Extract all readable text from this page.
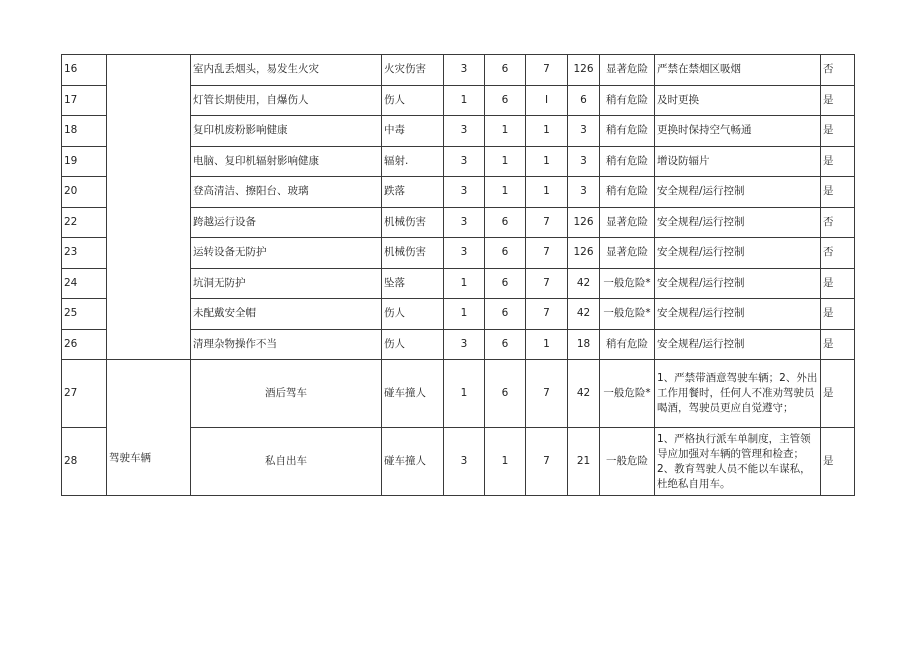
16		室内乱丢烟头，易发生火灾	火灾伤害	3	6	7	126	显著危险	严禁在禁烟区吸烟	否
17		灯管长期使用，自爆伤人	伤人	1	6	I	6	稍有危险	及时更换	是
18		复印机废粉影响健康	中毒	3	1	1	3	稍有危险	更换时保持空气畅通	是
19		电脑、复印机辐射影响健康	辐射.	3	1	1	3	稍有危险	增设防辐片	是
20		登高清洁、擦阳台、玻璃	跌落	3	1	1	3	稍有危险	安全规程/运行控制	是
22		跨越运行设备	机械伤害	3	6	7	126	显著危险	安全规程/运行控制	否
23		运转设备无防护	机械伤害	3	6	7	126	显著危险	安全规程/运行控制	否
24		坑洞无防护	坠落	1	6	7	42	一般危险*	安全规程/运行控制	是
25		未配戴安全帽	伤人	1	6	7	42	一般危险*	安全规程/运行控制	是
26		清理杂物操作不当	伤人	3	6	1	18	稍有危险	安全规程/运行控制	是
27	驾驶车辆	酒后驾车	碰车撞人	1	6	7	42	一般危险*	1、严禁带酒意驾驶车辆；2、外出工作用餐时，任何人不准劝驾驶员喝酒，驾驶员更应自觉遵守；	是
28		私自出车	碰车撞人	3	1	7	21	一般危险	1、严格执行派车单制度，主管领导应加强对车辆的管理和检查；2、教育驾驶人员不能以车谋私，杜绝私自用车。	是
